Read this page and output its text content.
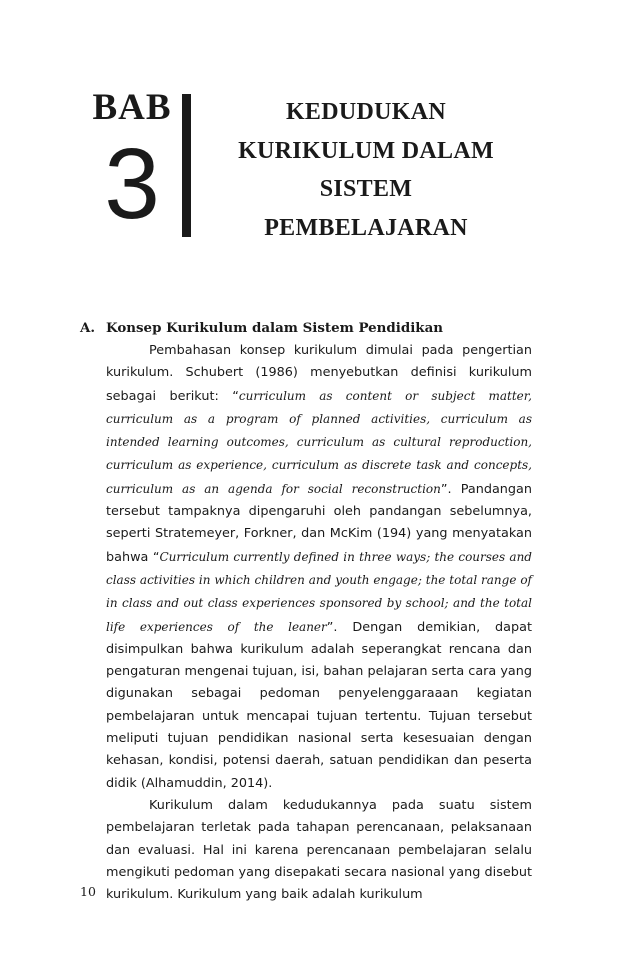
BAB
3
KEDUDUKAN
KURIKULUM DALAM
SISTEM
PEMBELAJARAN
A. Konsep Kurikulum dalam Sistem Pendidikan

Pembahasan konsep kurikulum dimulai pada pengertian kurikulum. Schubert (1986) menyebutkan definisi kurikulum sebagai berikut: “curriculum as content or subject matter, curriculum as a program of planned activities, curriculum as intended learning outcomes, curriculum as cultural reproduction, curriculum as experience, curriculum as discrete task and concepts, curriculum as an agenda for social reconstruction”. Pandangan tersebut tampaknya dipengaruhi oleh pandangan sebelumnya, seperti Stratemeyer, Forkner, dan McKim (194) yang menyatakan bahwa “Curriculum currently defined in three ways; the courses and class activities in which children and youth engage; the total range of in class and out class experiences sponsored by school; and the total life experiences of the leaner”. Dengan demikian, dapat disimpulkan bahwa kurikulum adalah seperangkat rencana dan pengaturan mengenai tujuan, isi, bahan pelajaran serta cara yang digunakan sebagai pedoman penyelenggaraaan kegiatan pembelajaran untuk mencapai tujuan tertentu. Tujuan tersebut meliputi tujuan pendidikan nasional serta kesesuaian dengan kehasan, kondisi, potensi daerah, satuan pendidikan dan peserta didik (Alhamuddin, 2014).

Kurikulum dalam kedudukannya pada suatu sistem pembelajaran terletak pada tahapan perencanaan, pelaksanaan dan evaluasi. Hal ini karena perencanaan pembelajaran selalu mengikuti pedoman yang disepakati secara nasional yang disebut kurikulum. Kurikulum yang baik adalah kurikulum

10
